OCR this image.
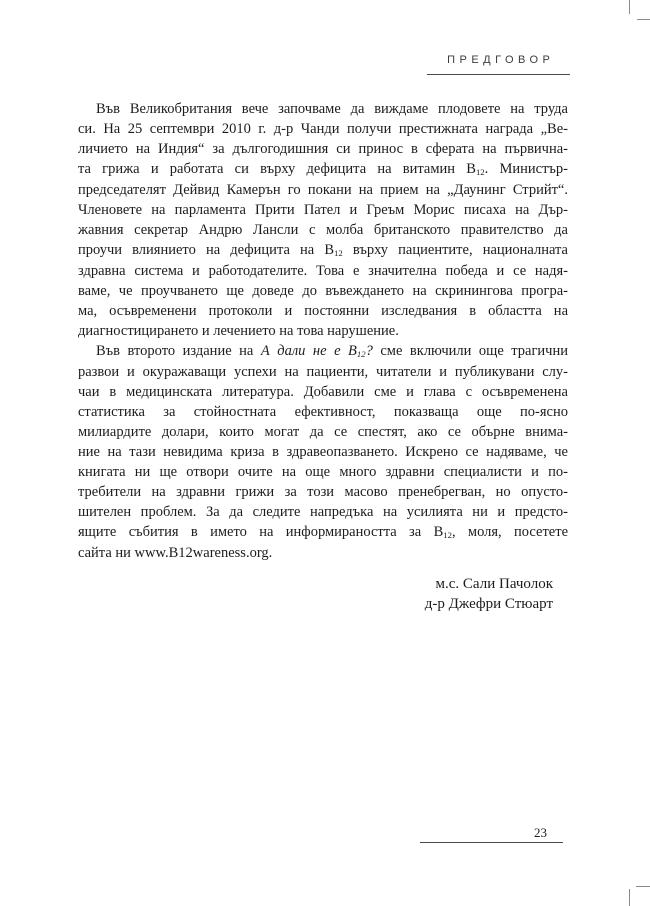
ПРЕДГОВОР
Във Великобритания вече започваме да виждаме плодовете на труда
си. На 25 септември 2010 г. д-р Чанди получи престижната награда „Ве-
личието на Индия“ за дългогодишния си принос в сферата на първична-
та грижа и работата си върху дефицита на витамин В12. Министър-
председателят Дейвид Камерън го покани на прием на „Даунинг Стрийт“.
Членовете на парламента Прити Пател и Греъм Морис писаха на Дър-
жавния секретар Андрю Лансли с молба британското правителство да
проучи влиянието на дефицита на В12 върху пациентите, националната
здравна система и работодателите. Това е значителна победа и се надя-
ваме, че проучването ще доведе до въвеждането на скринингова програ-
ма, осъвременени протоколи и постоянни изследвания в областта на
диагностицирането и лечението на това нарушение.
Във второто издание на А дали не е В12? сме включили още трагични
развои и окуражаващи успехи на пациенти, читатели и публикувани слу-
чаи в медицинската литература. Добавили сме и глава с осъвременена
статистика за стойностната ефективност, показваща още по-ясно
милиардите долари, които могат да се спестят, ако се обърне внима-
ние на тази невидима криза в здравеопазването. Искрено се надяваме, че
книгата ни ще отвори очите на още много здравни специалисти и по-
требители на здравни грижи за този масово пренебрегван, но опусто-
шителен проблем. За да следите напредъка на усилията ни и предсто-
ящите събития в името на информираността за В12, моля, посетете
сайта ни www.B12wareness.org.
м.с. Сали Пачолок
д-р Джефри Стюарт
23
